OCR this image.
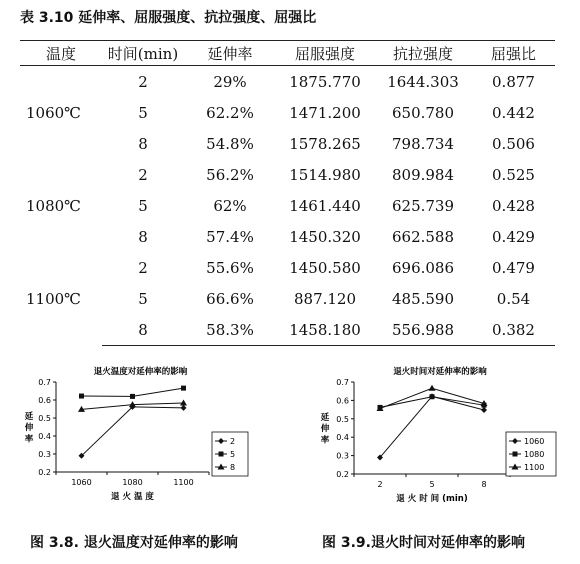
表 3.10 延伸率、屈服强度、抗拉强度、屈强比
温度	时间(min)	延伸率	屈服强度	抗拉强度	屈强比
1060℃	2	29%	1875.770	1644.303	0.877
	5	62.2%	1471.200	650.780	0.442
	8	54.8%	1578.265	798.734	0.506
1080℃	2	56.2%	1514.980	809.984	0.525
	5	62%	1461.440	625.739	0.428
	8	57.4%	1450.320	662.588	0.429
1100℃	2	55.6%	1450.580	696.086	0.479
	5	66.6%	887.120	485.590	0.54
	8	58.3%	1458.180	556.988	0.382
退火温度对延伸率的影响
0.2
0.3
0.4
0.5
0.6
0.7
1060	1080	1100
退 火 温 度
延 伸 率	2
5
8
退火时间对延伸率的影响
0.2
0.3
0.4
0.5
0.6
0.7
2	5	8
退 火 时 间 (min)
延 伸 率	1060
1080
1100
图 3.8. 退火温度对延伸率的影响	图 3.9.退火时间对延伸率的影响
